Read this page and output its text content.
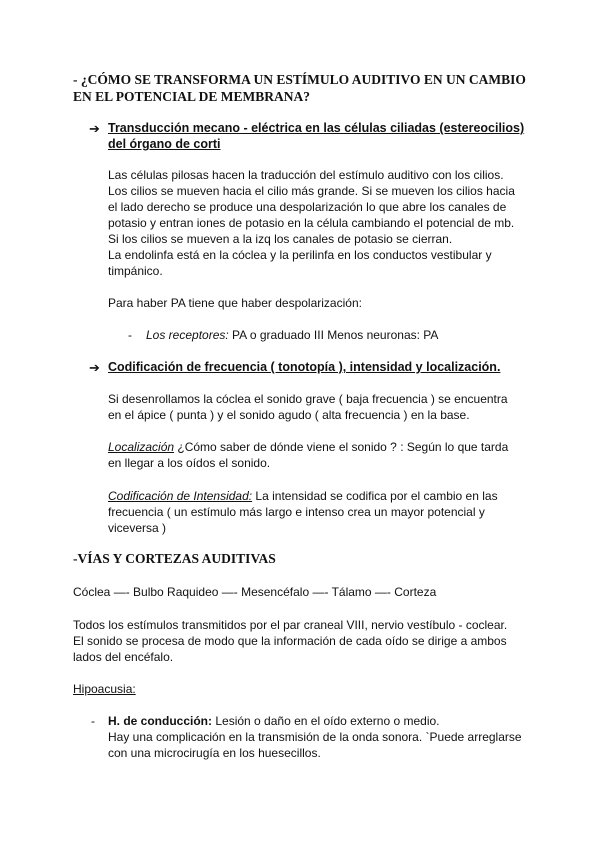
- ¿CÓMO SE TRANSFORMA UN ESTÍMULO AUDITIVO EN UN CAMBIO
EN EL POTENCIAL DE MEMBRANA?
➔ Transducción mecano - eléctrica en las células ciliadas (estereocilios)
del órgano de corti
Las células pilosas hacen la traducción del estímulo auditivo con los cilios.
Los cilios se mueven hacia el cilio más grande. Si se mueven los cilios hacia
el lado derecho se produce una despolarización lo que abre los canales de
potasio y entran iones de potasio en la célula cambiando el potencial de mb.
Si los cilios se mueven a la izq los canales de potasio se cierran.
La endolinfa está en la cóclea y la perilinfa en los conductos vestibular y
timpánico.
Para haber PA tiene que haber despolarización:
- Los receptores: PA o graduado III Menos neuronas: PA
➔ Codificación de frecuencia ( tonotopía ), intensidad y localización.
Si desenrollamos la cóclea el sonido grave ( baja frecuencia ) se encuentra
en el ápice ( punta ) y el sonido agudo ( alta frecuencia ) en la base.
Localización ¿Cómo saber de dónde viene el sonido ? : Según lo que tarda
en llegar a los oídos el sonido.
Codificación de Intensidad: La intensidad se codifica por el cambio en las
frecuencia ( un estímulo más largo e intenso crea un mayor potencial y
viceversa )
-VÍAS Y CORTEZAS AUDITIVAS
Cóclea —- Bulbo Raquideo —- Mesencéfalo —- Tálamo —- Corteza
Todos los estímulos transmitidos por el par craneal VIII, nervio vestíbulo - coclear.
El sonido se procesa de modo que la información de cada oído se dirige a ambos
lados del encéfalo.
Hipoacusia:
- H. de conducción: Lesión o daño en el oído externo o medio.
Hay una complicación en la transmisión de la onda sonora. `Puede arreglarse
con una microcirugía en los huesecillos.
